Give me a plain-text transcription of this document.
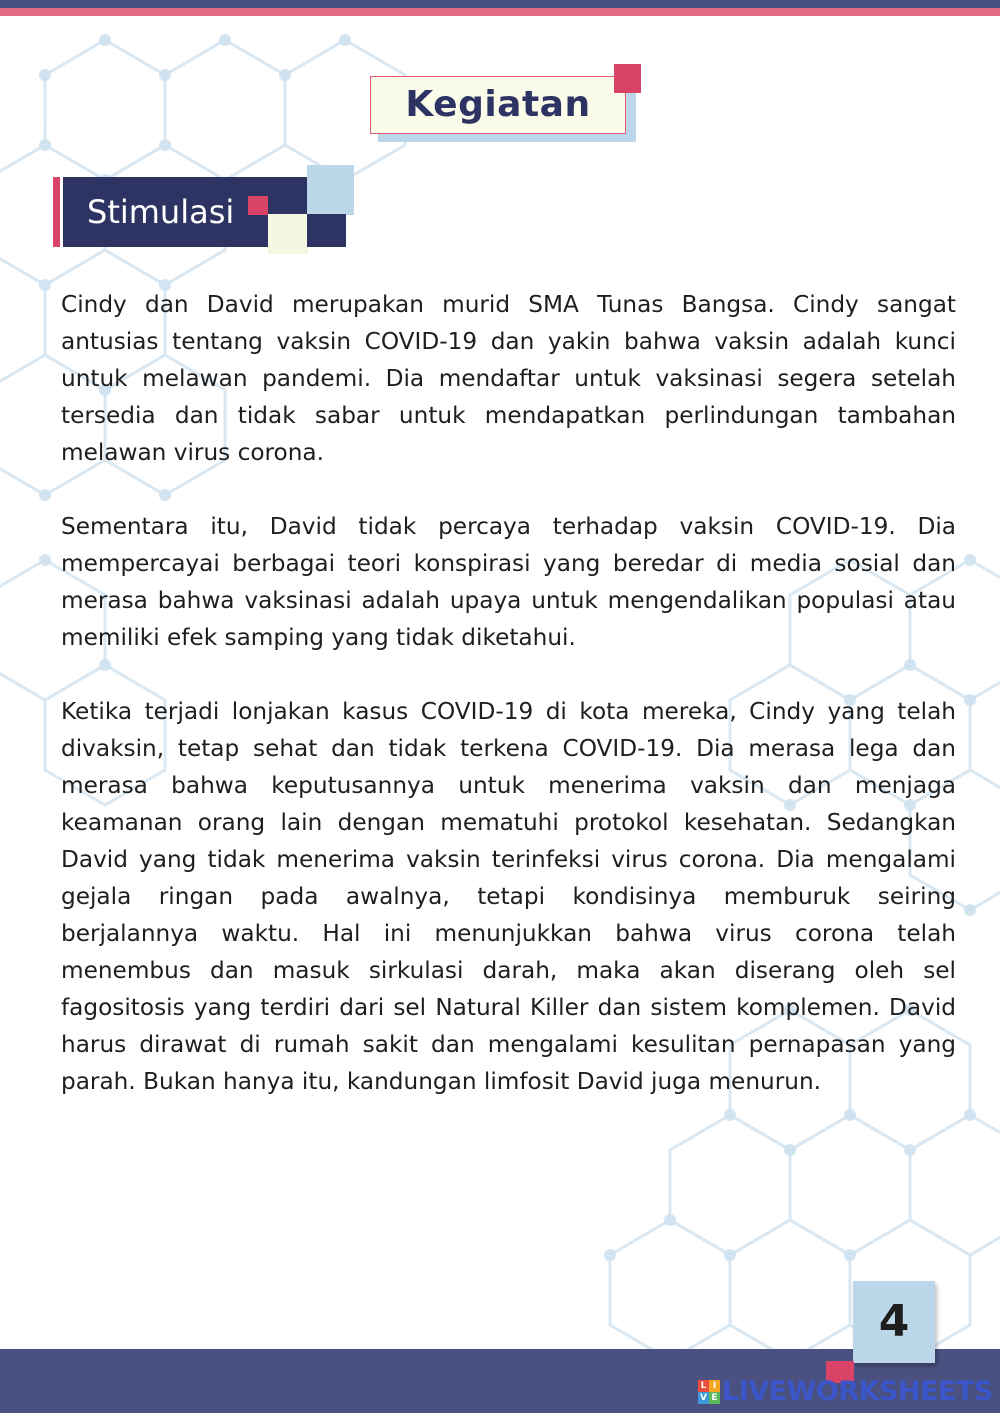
Kegiatan
Stimulasi

Cindy dan David merupakan murid SMA Tunas Bangsa. Cindy sangat antusias tentang vaksin COVID-19 dan yakin bahwa vaksin adalah kunci untuk melawan pandemi. Dia mendaftar untuk vaksinasi segera setelah tersedia dan tidak sabar untuk mendapatkan perlindungan tambahan melawan virus corona.

Sementara itu, David tidak percaya terhadap vaksin COVID-19. Dia mempercayai berbagai teori konspirasi yang beredar di media sosial dan merasa bahwa vaksinasi adalah upaya untuk mengendalikan populasi atau memiliki efek samping yang tidak diketahui.

Ketika terjadi lonjakan kasus COVID-19 di kota mereka, Cindy yang telah divaksin, tetap sehat dan tidak terkena COVID-19. Dia merasa lega dan merasa bahwa keputusannya untuk menerima vaksin dan menjaga keamanan orang lain dengan mematuhi protokol kesehatan. Sedangkan David yang tidak menerima vaksin terinfeksi virus corona. Dia mengalami gejala ringan pada awalnya, tetapi kondisinya memburuk seiring berjalannya waktu. Hal ini menunjukkan bahwa virus corona telah menembus dan masuk sirkulasi darah, maka akan diserang oleh sel fagositosis yang terdiri dari sel Natural Killer dan sistem komplemen. David harus dirawat di rumah sakit dan mengalami kesulitan pernapasan yang parah. Bukan hanya itu, kandungan limfosit David juga menurun.

4
L I
V E LIVEWORKSHEETS
